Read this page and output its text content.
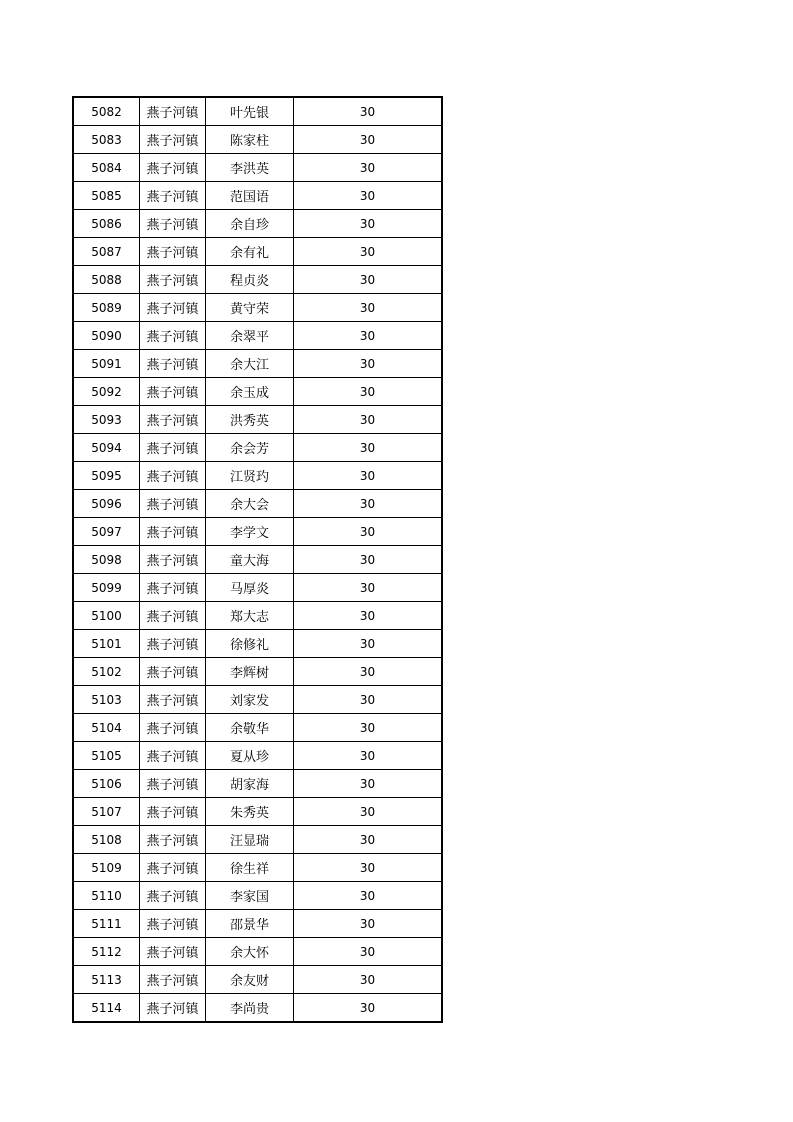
5082	燕子河镇	叶先银	30
5083	燕子河镇	陈家柱	30
5084	燕子河镇	李洪英	30
5085	燕子河镇	范国语	30
5086	燕子河镇	余自珍	30
5087	燕子河镇	余有礼	30
5088	燕子河镇	程贞炎	30
5089	燕子河镇	黄守荣	30
5090	燕子河镇	余翠平	30
5091	燕子河镇	余大江	30
5092	燕子河镇	余玉成	30
5093	燕子河镇	洪秀英	30
5094	燕子河镇	余会芳	30
5095	燕子河镇	江贤玓	30
5096	燕子河镇	余大会	30
5097	燕子河镇	李学文	30
5098	燕子河镇	童大海	30
5099	燕子河镇	马厚炎	30
5100	燕子河镇	郑大志	30
5101	燕子河镇	徐修礼	30
5102	燕子河镇	李辉树	30
5103	燕子河镇	刘家发	30
5104	燕子河镇	余敬华	30
5105	燕子河镇	夏从珍	30
5106	燕子河镇	胡家海	30
5107	燕子河镇	朱秀英	30
5108	燕子河镇	汪显瑞	30
5109	燕子河镇	徐生祥	30
5110	燕子河镇	李家国	30
5111	燕子河镇	邵景华	30
5112	燕子河镇	余大怀	30
5113	燕子河镇	余友财	30
5114	燕子河镇	李尚贵	30
